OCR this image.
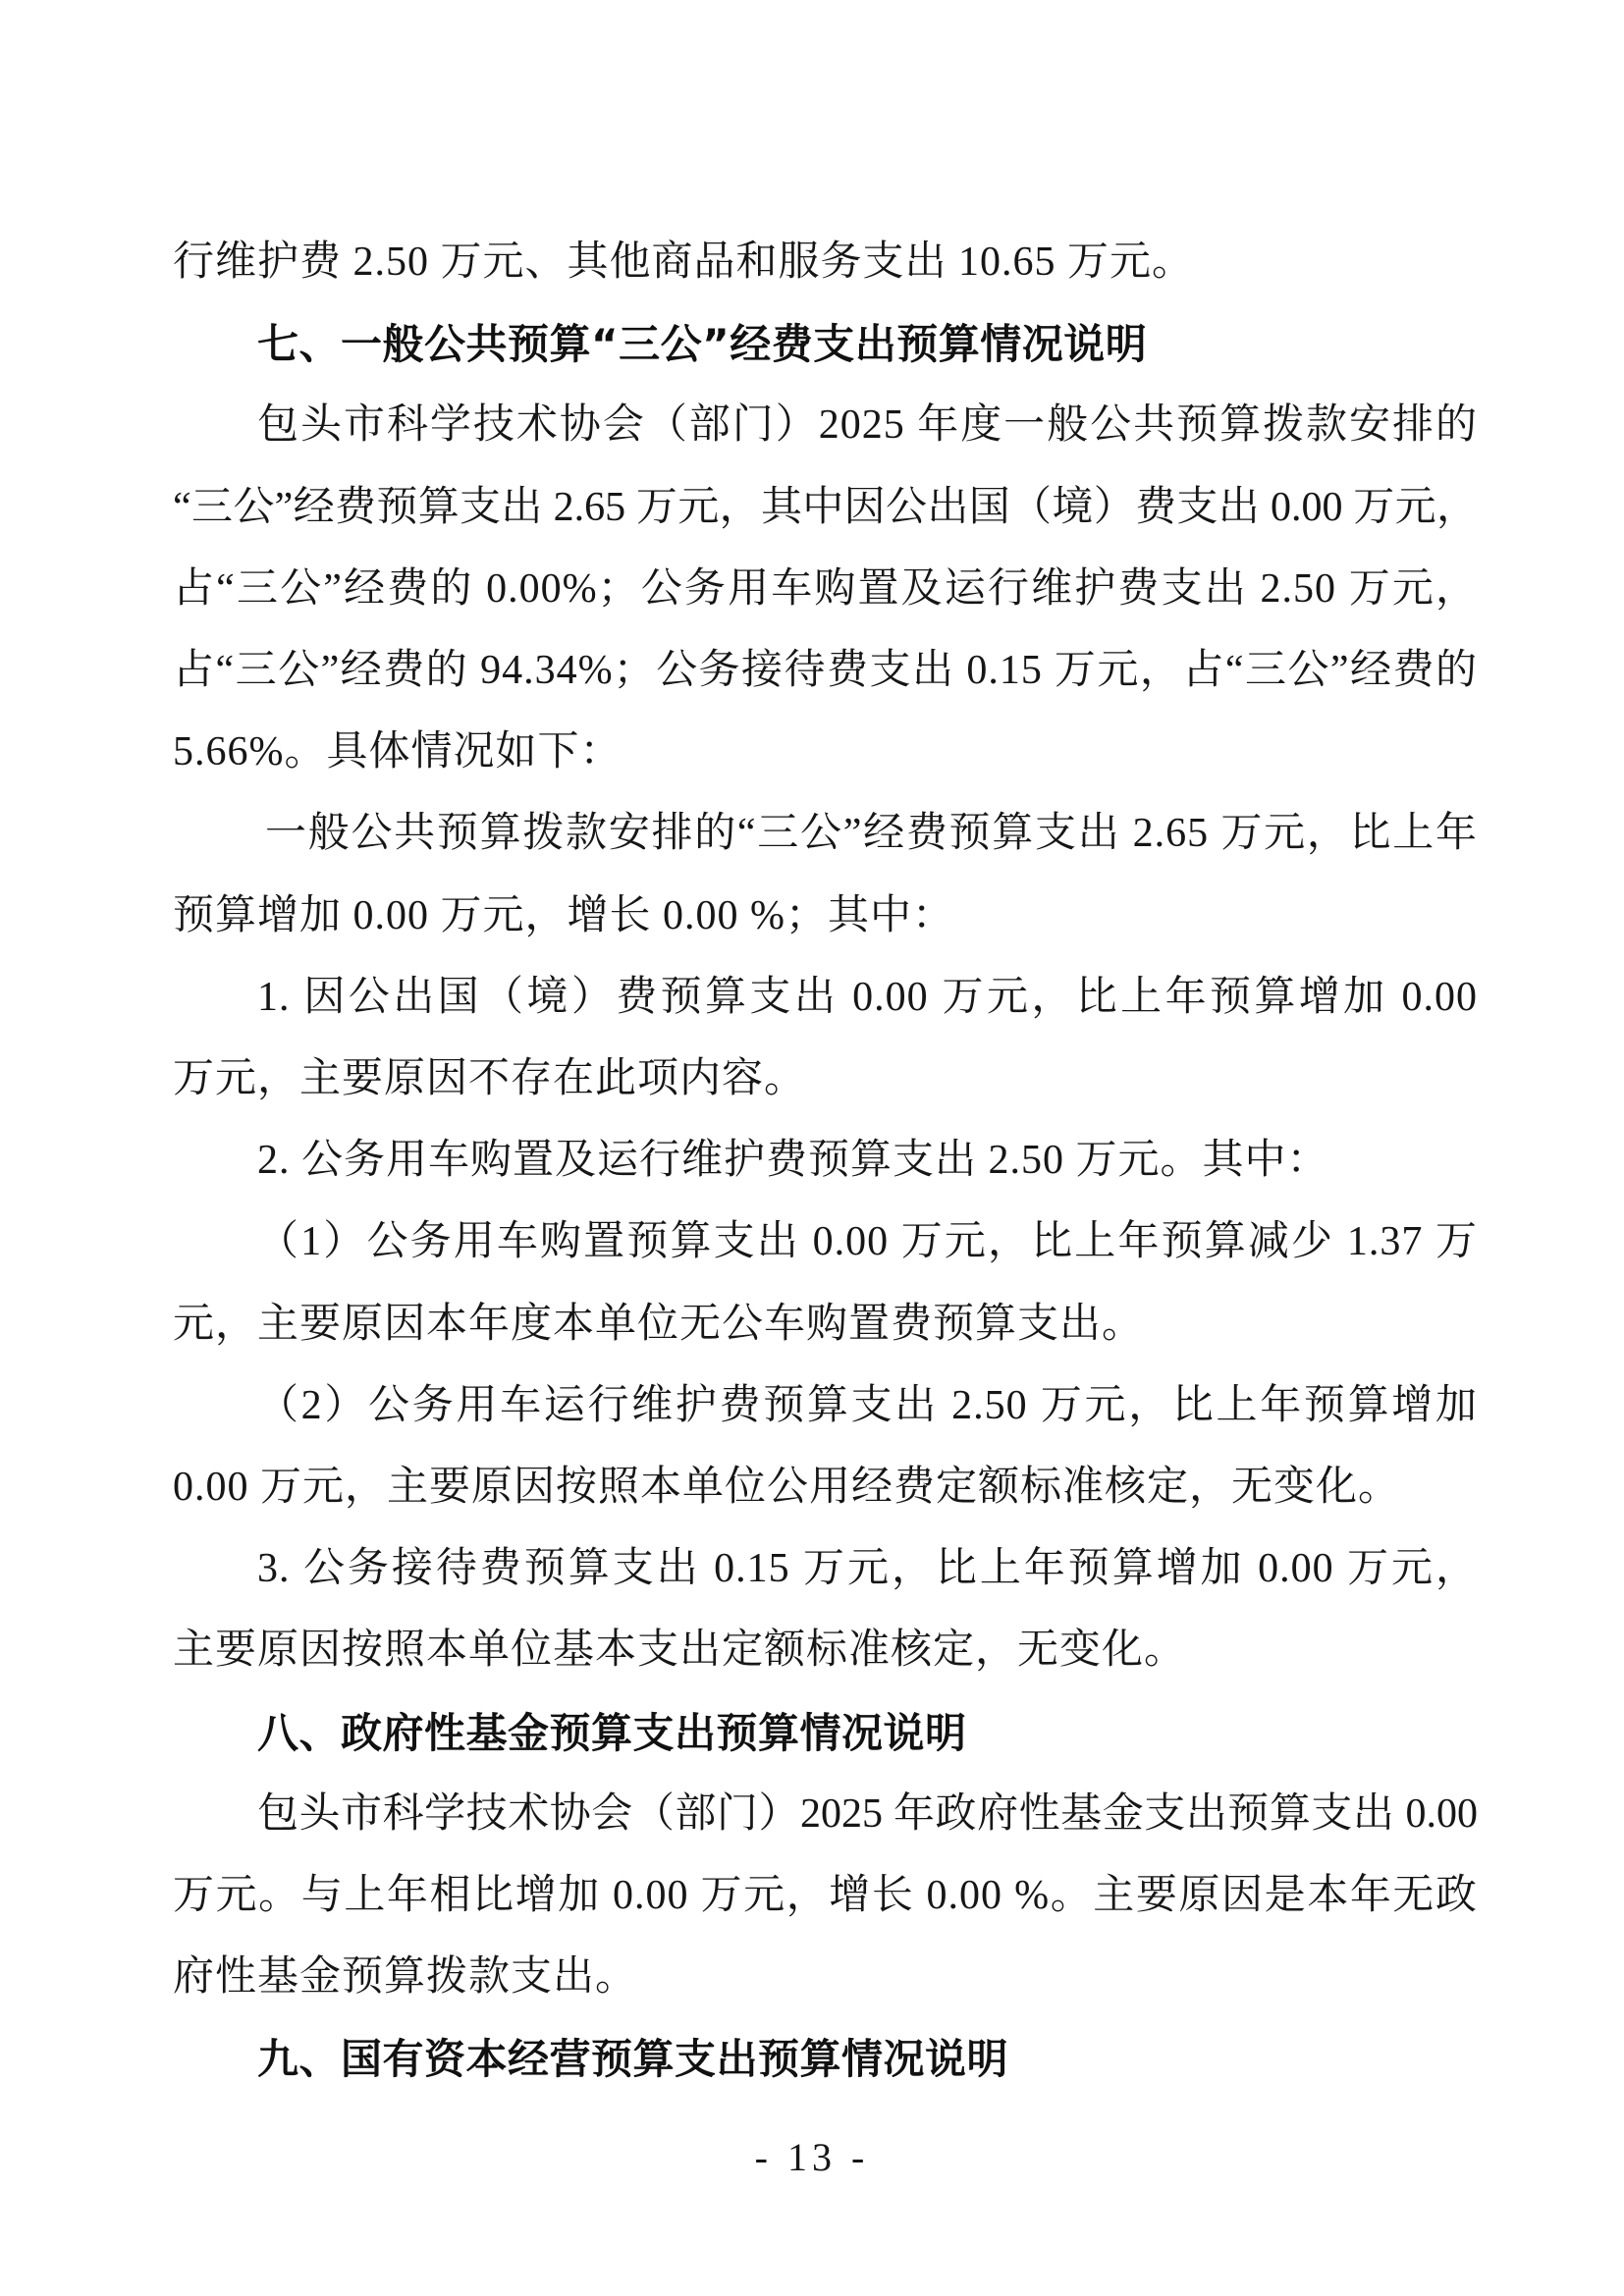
行维护费 2.50 万元、其他商品和服务支出 10.65 万元。
七、一般公共预算“三公”经费支出预算情况说明
包头市科学技术协会（部门）2025 年度一般公共预算拨款安排的
“三公”经费预算支出 2.65 万元，其中因公出国（境）费支出 0.00 万元，
占“三公”经费的 0.00%；公务用车购置及运行维护费支出 2.50 万元，
占“三公”经费的 94.34%；公务接待费支出 0.15 万元，占“三公”经费的
5.66%。具体情况如下：
一般公共预算拨款安排的“三公”经费预算支出 2.65 万元，比上年
预算增加 0.00 万元，增长 0.00 %；其中：
1. 因公出国（境）费预算支出 0.00 万元，比上年预算增加 0.00
万元，主要原因不存在此项内容。
2. 公务用车购置及运行维护费预算支出 2.50 万元。其中：
（1）公务用车购置预算支出 0.00 万元，比上年预算减少 1.37 万
元，主要原因本年度本单位无公车购置费预算支出。
（2）公务用车运行维护费预算支出 2.50 万元，比上年预算增加
0.00 万元，主要原因按照本单位公用经费定额标准核定，无变化。
3. 公务接待费预算支出 0.15 万元，比上年预算增加 0.00 万元，
主要原因按照本单位基本支出定额标准核定，无变化。
八、政府性基金预算支出预算情况说明
包头市科学技术协会（部门）2025 年政府性基金支出预算支出 0.00
万元。与上年相比增加 0.00 万元，增长 0.00 %。主要原因是本年无政
府性基金预算拨款支出。
九、国有资本经营预算支出预算情况说明
- 13 -
